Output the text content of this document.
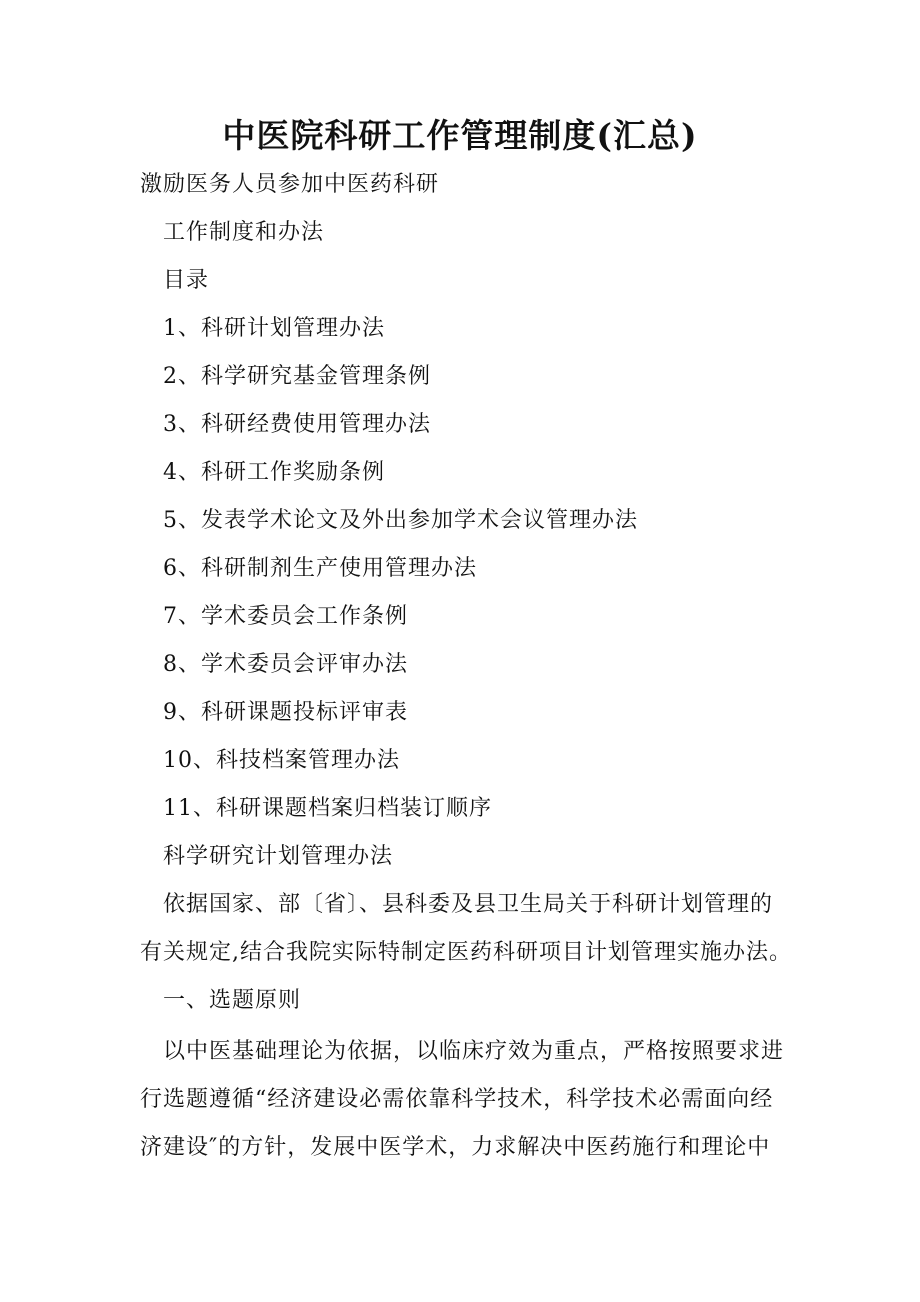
中医院科研工作管理制度(汇总)
激励医务人员参加中医药科研
工作制度和办法
目录
1、科研计划管理办法
2、科学研究基金管理条例
3、科研经费使用管理办法
4、科研工作奖励条例
5、发表学术论文及外出参加学术会议管理办法
6、科研制剂生产使用管理办法
7、学术委员会工作条例
8、学术委员会评审办法
9、科研课题投标评审表
10、科技档案管理办法
11、科研课题档案归档装订顺序
科学研究计划管理办法
依据国家、部〔省〕、县科委及县卫生局关于科研计划管理的
有关规定,结合我院实际特制定医药科研项目计划管理实施办法。
一、选题原则
以中医基础理论为依据，以临床疗效为重点，严格按照要求进
行选题遵循“经济建设必需依靠科学技术，科学技术必需面向经
济建设″的方针，发展中医学术，力求解决中医药施行和理论中
